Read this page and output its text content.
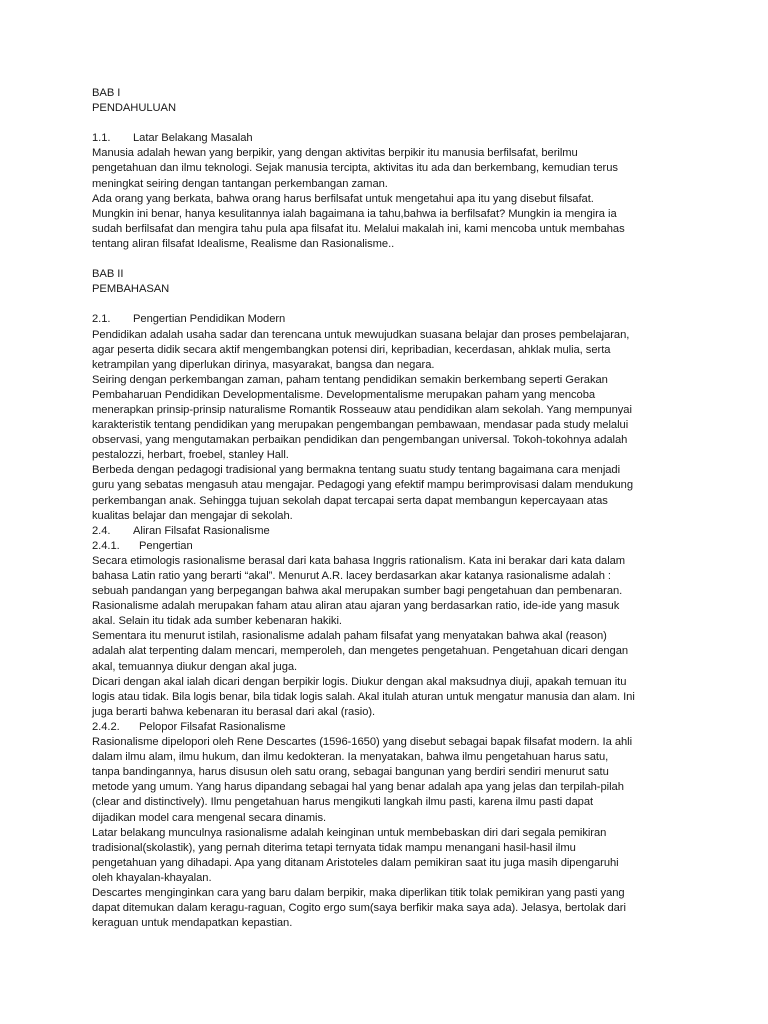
BAB I
PENDAHULUAN
1.1. Latar Belakang Masalah
Manusia adalah hewan yang berpikir, yang dengan aktivitas berpikir itu manusia berfilsafat, berilmu
pengetahuan dan ilmu teknologi. Sejak manusia tercipta, aktivitas itu ada dan berkembang, kemudian terus
meningkat seiring dengan tantangan perkembangan zaman.
Ada orang yang berkata, bahwa orang harus berfilsafat untuk mengetahui apa itu yang disebut filsafat.
Mungkin ini benar, hanya kesulitannya ialah bagaimana ia tahu,bahwa ia berfilsafat? Mungkin ia mengira ia
sudah berfilsafat dan mengira tahu pula apa filsafat itu. Melalui makalah ini, kami mencoba untuk membahas
tentang aliran filsafat Idealisme, Realisme dan Rasionalisme..
BAB II
PEMBAHASAN
2.1. Pengertian Pendidikan Modern
Pendidikan adalah usaha sadar dan terencana untuk mewujudkan suasana belajar dan proses pembelajaran,
agar peserta didik secara aktif mengembangkan potensi diri, kepribadian, kecerdasan, ahklak mulia, serta
ketrampilan yang diperlukan dirinya, masyarakat, bangsa dan negara.
Seiring dengan perkembangan zaman, paham tentang pendidikan semakin berkembang seperti Gerakan
Pembaharuan Pendidikan Developmentalisme. Developmentalisme merupakan paham yang mencoba
menerapkan prinsip-prinsip naturalisme Romantik Rosseauw atau pendidikan alam sekolah. Yang mempunyai
karakteristik tentang pendidikan yang merupakan pengembangan pembawaan, mendasar pada study melalui
observasi, yang mengutamakan perbaikan pendidikan dan pengembangan universal. Tokoh-tokohnya adalah
pestalozzi, herbart, froebel, stanley Hall.
Berbeda dengan pedagogi tradisional yang bermakna tentang suatu study tentang bagaimana cara menjadi
guru yang sebatas mengasuh atau mengajar. Pedagogi yang efektif mampu berimprovisasi dalam mendukung
perkembangan anak. Sehingga tujuan sekolah dapat tercapai serta dapat membangun kepercayaan atas
kualitas belajar dan mengajar di sekolah.
2.4. Aliran Filsafat Rasionalisme
2.4.1. Pengertian
Secara etimologis rasionalisme berasal dari kata bahasa Inggris rationalism. Kata ini berakar dari kata dalam
bahasa Latin ratio yang berarti “akal”. Menurut A.R. lacey berdasarkan akar katanya rasionalisme adalah :
sebuah pandangan yang berpegangan bahwa akal merupakan sumber bagi pengetahuan dan pembenaran.
Rasionalisme adalah merupakan faham atau aliran atau ajaran yang berdasarkan ratio, ide-ide yang masuk
akal. Selain itu tidak ada sumber kebenaran hakiki.
Sementara itu menurut istilah, rasionalisme adalah paham filsafat yang menyatakan bahwa akal (reason)
adalah alat terpenting dalam mencari, memperoleh, dan mengetes pengetahuan. Pengetahuan dicari dengan
akal, temuannya diukur dengan akal juga.
Dicari dengan akal ialah dicari dengan berpikir logis. Diukur dengan akal maksudnya diuji, apakah temuan itu
logis atau tidak. Bila logis benar, bila tidak logis salah. Akal itulah aturan untuk mengatur manusia dan alam. Ini
juga berarti bahwa kebenaran itu berasal dari akal (rasio).
2.4.2. Pelopor Filsafat Rasionalisme
Rasionalisme dipelopori oleh Rene Descartes (1596-1650) yang disebut sebagai bapak filsafat modern. Ia ahli
dalam ilmu alam, ilmu hukum, dan ilmu kedokteran. Ia menyatakan, bahwa ilmu pengetahuan harus satu,
tanpa bandingannya, harus disusun oleh satu orang, sebagai bangunan yang berdiri sendiri menurut satu
metode yang umum. Yang harus dipandang sebagai hal yang benar adalah apa yang jelas dan terpilah-pilah
(clear and distinctively). Ilmu pengetahuan harus mengikuti langkah ilmu pasti, karena ilmu pasti dapat
dijadikan model cara mengenal secara dinamis.
Latar belakang munculnya rasionalisme adalah keinginan untuk membebaskan diri dari segala pemikiran
tradisional(skolastik), yang pernah diterima tetapi ternyata tidak mampu menangani hasil-hasil ilmu
pengetahuan yang dihadapi. Apa yang ditanam Aristoteles dalam pemikiran saat itu juga masih dipengaruhi
oleh khayalan-khayalan.
Descartes menginginkan cara yang baru dalam berpikir, maka diperlikan titik tolak pemikiran yang pasti yang
dapat ditemukan dalam keragu-raguan, Cogito ergo sum(saya berfikir maka saya ada). Jelasya, bertolak dari
keraguan untuk mendapatkan kepastian.
